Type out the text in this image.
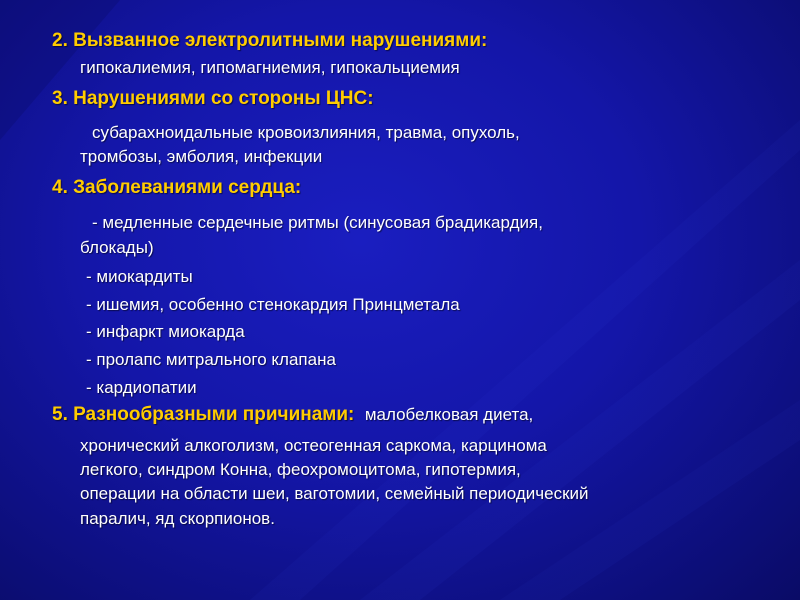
2. Вызванное электролитными нарушениями:
гипокалиемия, гипомагниемия, гипокальциемия
3. Нарушениями со стороны ЦНС:
субарахноидальные кровоизлияния, травма, опухоль,
тромбозы, эмболия, инфекции
4. Заболеваниями сердца:
- медленные сердечные ритмы (синусовая брадикардия,
блокады)
- миокардиты
- ишемия, особенно стенокардия Принцметала
- инфаркт миокарда
- пролапс митрального клапана
- кардиопатии
5. Разнообразными причинами: малобелковая диета,
хронический алкоголизм, остеогенная саркома, карцинома
легкого, синдром Конна, феохромоцитома, гипотермия,
операции на области шеи, ваготомии, семейный периодический
паралич, яд скорпионов.
